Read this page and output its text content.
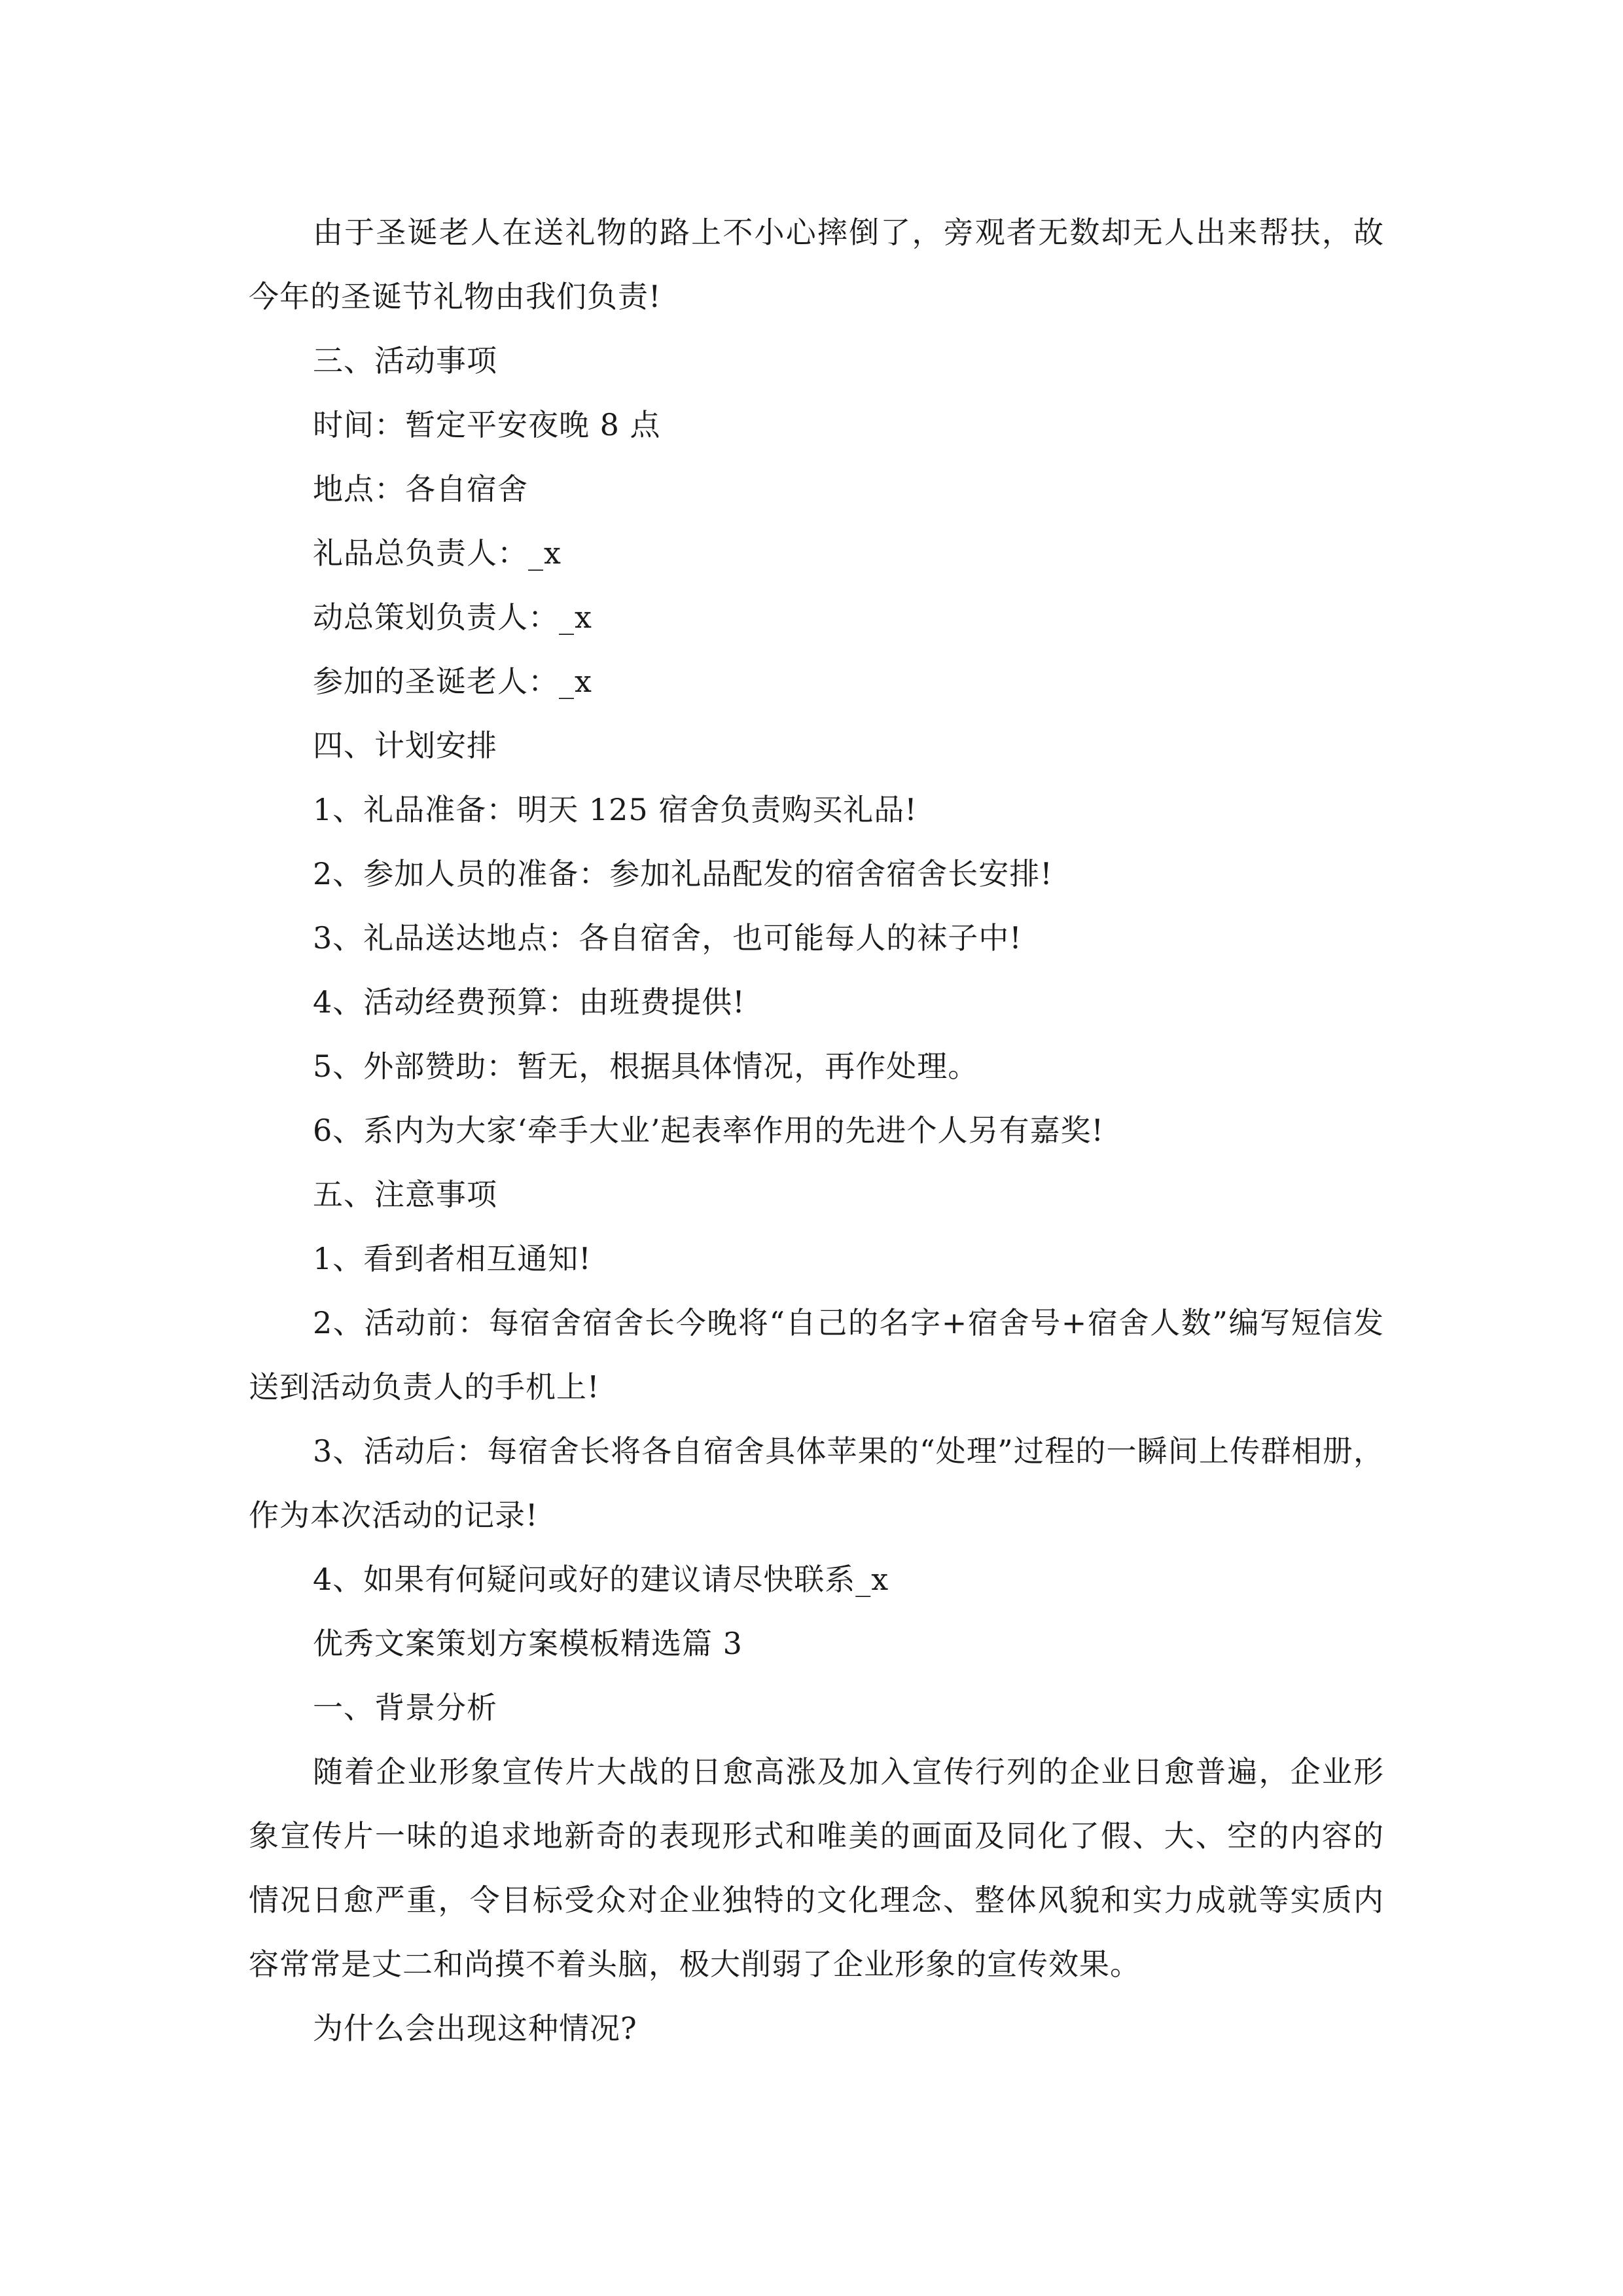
由于圣诞老人在送礼物的路上不小心摔倒了，旁观者无数却无人出来帮扶，故今年的圣诞节礼物由我们负责!

三、活动事项

时间：暂定平安夜晚 8 点

地点：各自宿舍

礼品总负责人：_x

动总策划负责人：_x

参加的圣诞老人：_x

四、计划安排

1、礼品准备：明天 125 宿舍负责购买礼品!

2、参加人员的准备：参加礼品配发的宿舍宿舍长安排!

3、礼品送达地点：各自宿舍，也可能每人的袜子中!

4、活动经费预算：由班费提供!

5、外部赞助：暂无，根据具体情况，再作处理。

6、系内为大家‘牵手大业’起表率作用的先进个人另有嘉奖!

五、注意事项

1、看到者相互通知!

2、活动前：每宿舍宿舍长今晚将“自己的名字+宿舍号+宿舍人数”编写短信发送到活动负责人的手机上!

3、活动后：每宿舍长将各自宿舍具体苹果的“处理”过程的一瞬间上传群相册，作为本次活动的记录!

4、如果有何疑问或好的建议请尽快联系_x

优秀文案策划方案模板精选篇 3

一、背景分析

随着企业形象宣传片大战的日愈高涨及加入宣传行列的企业日愈普遍，企业形象宣传片一味的追求地新奇的表现形式和唯美的画面及同化了假、大、空的内容的情况日愈严重，令目标受众对企业独特的文化理念、整体风貌和实力成就等实质内容常常是丈二和尚摸不着头脑，极大削弱了企业形象的宣传效果。

为什么会出现这种情况?
